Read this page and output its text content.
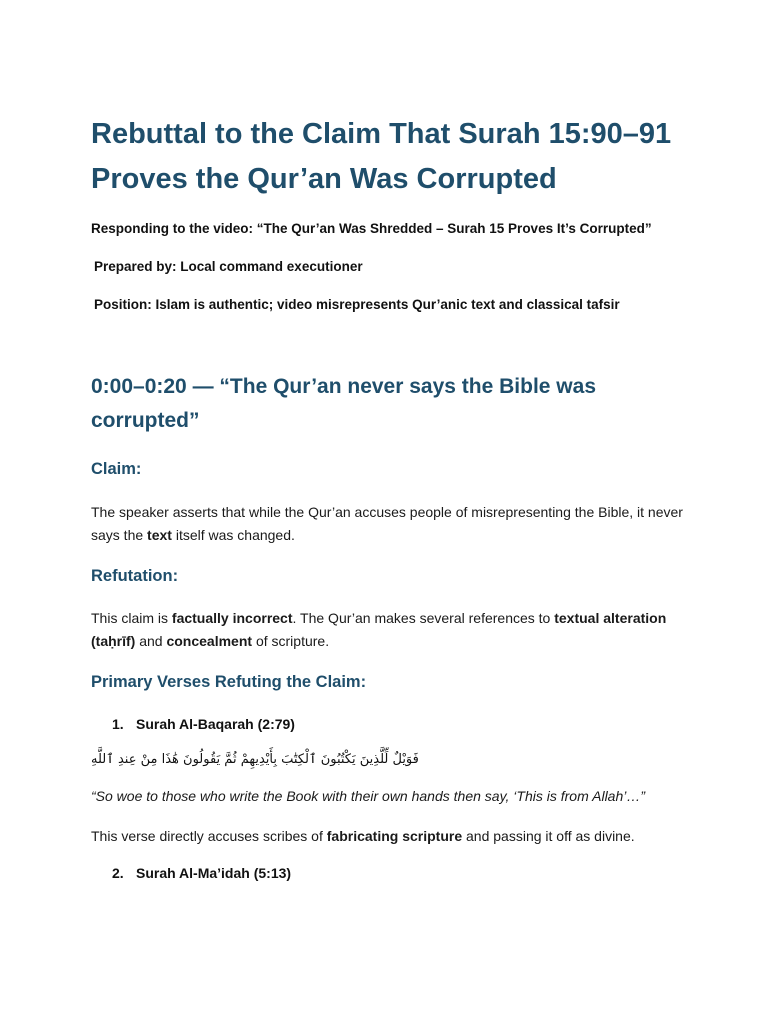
Rebuttal to the Claim That Surah 15:90–91 Proves the Qur’an Was Corrupted

Responding to the video: “The Qur’an Was Shredded – Surah 15 Proves It’s Corrupted”

Prepared by: Local command executioner

Position: Islam is authentic; video misrepresents Qur’anic text and classical tafsir

0:00–0:20 — “The Qur’an never says the Bible was corrupted”
Claim:

The speaker asserts that while the Qur’an accuses people of misrepresenting the Bible, it never says the text itself was changed.

Refutation:

This claim is factually incorrect. The Qur’an makes several references to textual alteration (taḥrīf) and concealment of scripture.

Primary Verses Refuting the Claim:

1. Surah Al-Baqarah (2:79)

فَوَيْلٌ لِّلَّذِينَ يَكْتُبُونَ ٱلْكِتَٰبَ بِأَيْدِيهِمْ ثُمَّ يَقُولُونَ هَٰذَا مِنْ عِندِ ٱللَّهِ

“So woe to those who write the Book with their own hands then say, ‘This is from Allah’…”

This verse directly accuses scribes of fabricating scripture and passing it off as divine.

2. Surah Al-Ma’idah (5:13)
